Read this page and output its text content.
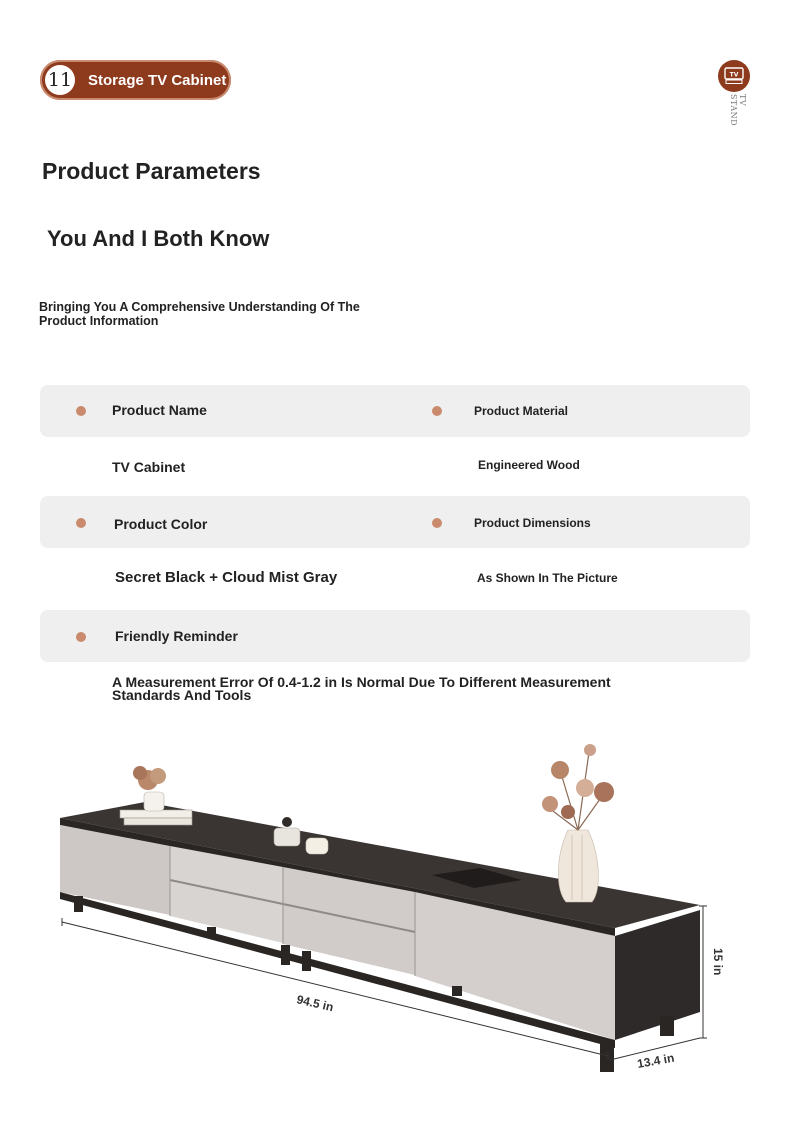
11 Storage TV Cabinet	TV
TV STAND
Product Parameters
You And I Both Know
Bringing You A Comprehensive Understanding Of The Product Information
Product Name	Product Material
TV Cabinet	Engineered Wood
Product Color	Product Dimensions
Secret Black + Cloud Mist Gray	As Shown In The Picture
Friendly Reminder
A Measurement Error Of 0.4-1.2 in Is Normal Due To Different Measurement Standards And Tools
94.5 in
13.4 in
15 in
